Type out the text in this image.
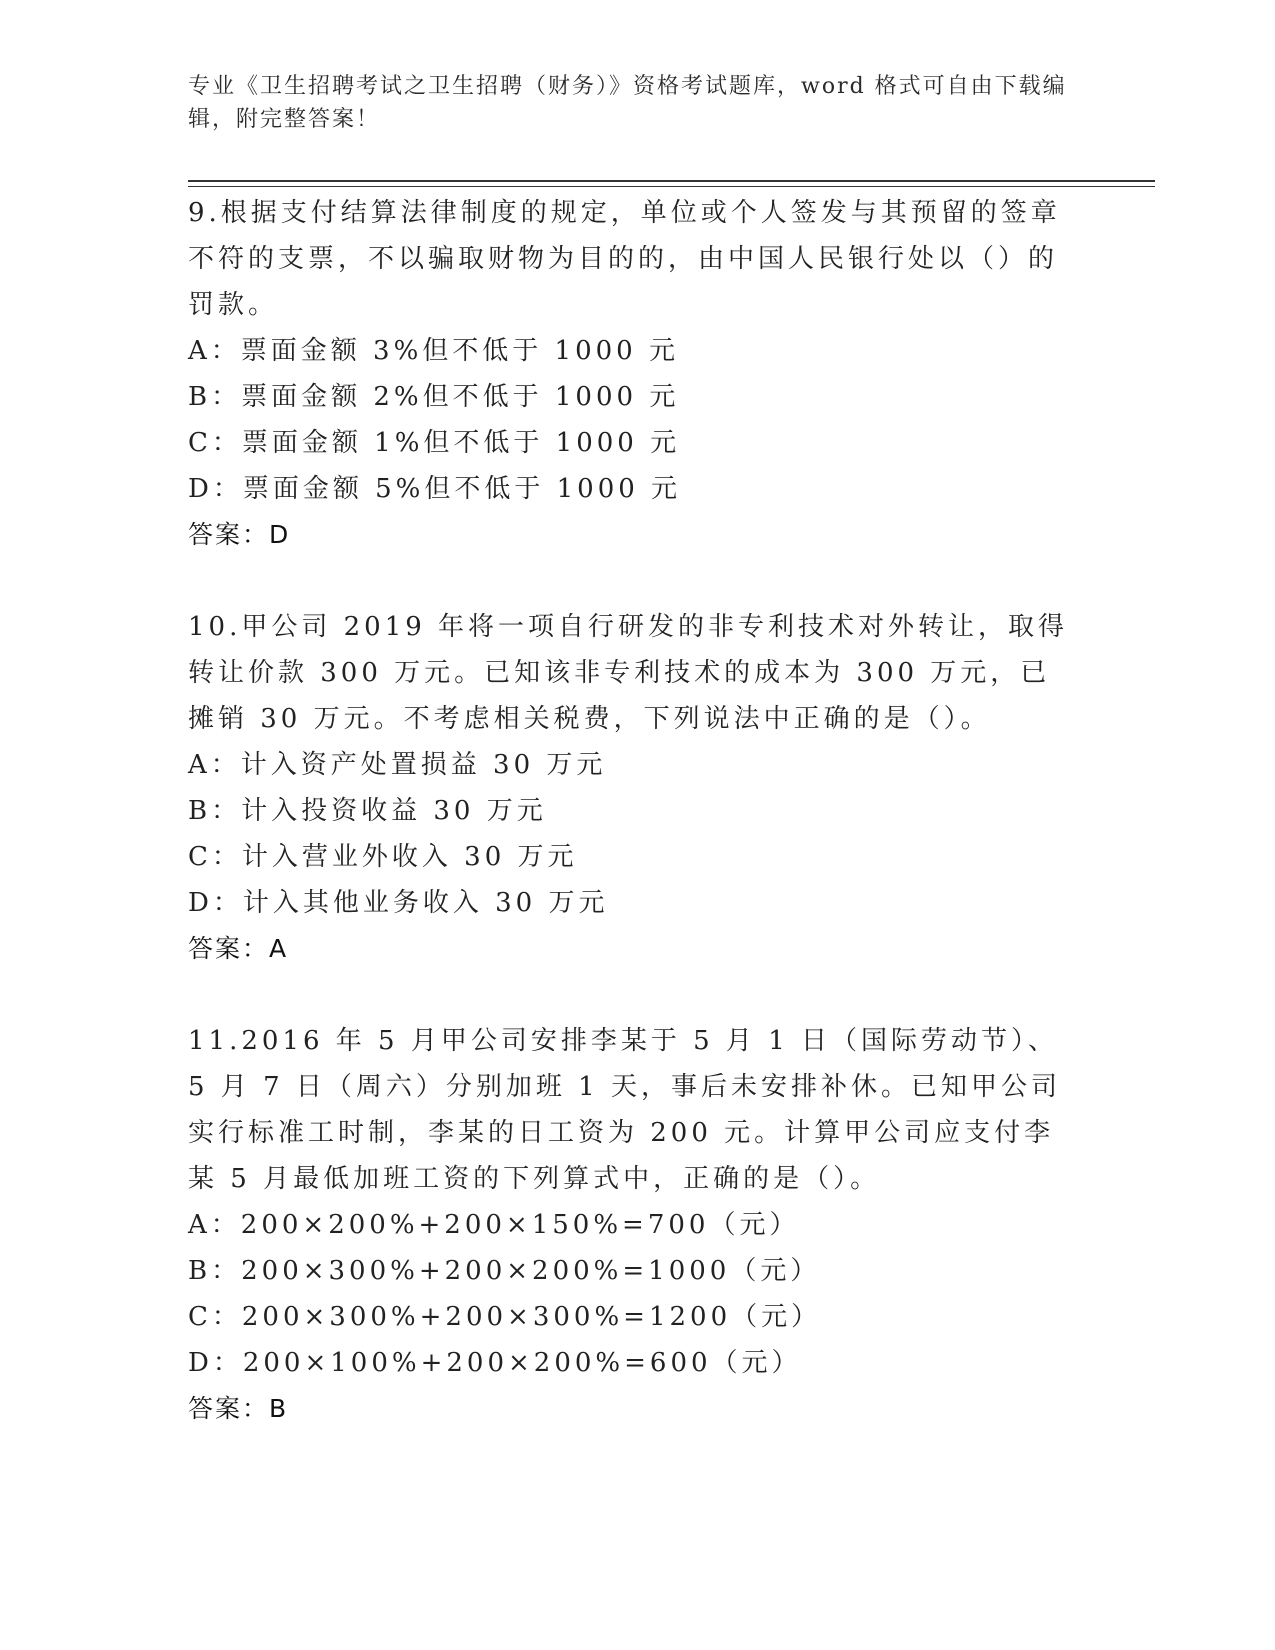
专业《卫生招聘考试之卫生招聘（财务）》资格考试题库，word 格式可自由下载编辑，附完整答案！
9.根据支付结算法律制度的规定，单位或个人签发与其预留的签章不符的支票，不以骗取财物为目的的，由中国人民银行处以（）的罚款。
A：票面金额 3%但不低于 1000 元
B：票面金额 2%但不低于 1000 元
C：票面金额 1%但不低于 1000 元
D：票面金额 5%但不低于 1000 元
答案：D
10.甲公司 2019 年将一项自行研发的非专利技术对外转让，取得转让价款 300 万元。已知该非专利技术的成本为 300 万元，已摊销 30 万元。不考虑相关税费，下列说法中正确的是（）。
A：计入资产处置损益 30 万元
B：计入投资收益 30 万元
C：计入营业外收入 30 万元
D：计入其他业务收入 30 万元
答案：A
11.2016 年 5 月甲公司安排李某于 5 月 1 日（国际劳动节）、5 月 7 日（周六）分别加班 1 天，事后未安排补休。已知甲公司实行标准工时制，李某的日工资为 200 元。计算甲公司应支付李某 5 月最低加班工资的下列算式中，正确的是（）。
A：200×200%+200×150%=700（元）
B：200×300%+200×200%=1000（元）
C：200×300%+200×300%=1200（元）
D：200×100%+200×200%=600（元）
答案：B
